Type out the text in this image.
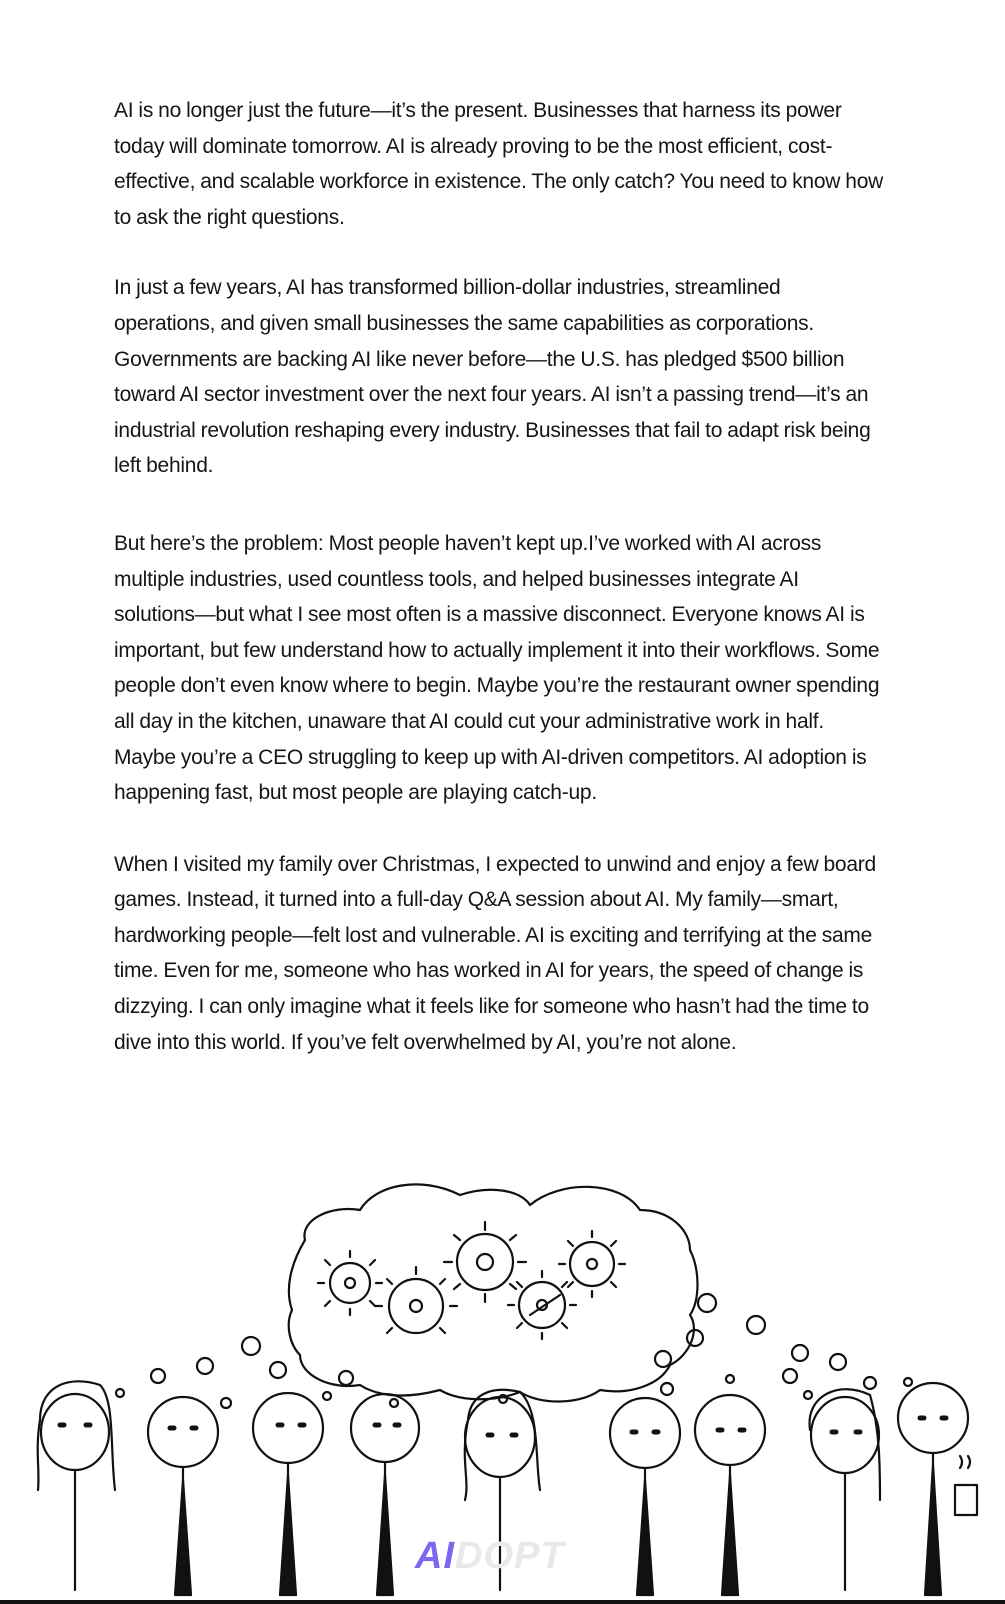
AI is no longer just the future—it’s the present. Businesses that harness its power today will dominate tomorrow. AI is already proving to be the most efficient, cost-effective, and scalable workforce in existence. The only catch? You need to know how to ask the right questions.

In just a few years, AI has transformed billion-dollar industries, streamlined operations, and given small businesses the same capabilities as corporations. Governments are backing AI like never before—the U.S. has pledged $500 billion toward AI sector investment over the next four years. AI isn’t a passing trend—it’s an industrial revolution reshaping every industry. Businesses that fail to adapt risk being left behind.

But here’s the problem: Most people haven’t kept up.I’ve worked with AI across multiple industries, used countless tools, and helped businesses integrate AI solutions—but what I see most often is a massive disconnect. Everyone knows AI is important, but few understand how to actually implement it into their workflows. Some people don’t even know where to begin. Maybe you’re the restaurant owner spending all day in the kitchen, unaware that AI could cut your administrative work in half. Maybe you’re a CEO struggling to keep up with AI-driven competitors. AI adoption is happening fast, but most people are playing catch-up.

When I visited my family over Christmas, I expected to unwind and enjoy a few board games. Instead, it turned into a full-day Q&A session about AI. My family—smart, hardworking people—felt lost and vulnerable. AI is exciting and terrifying at the same time. Even for me, someone who has worked in AI for years, the speed of change is dizzying. I can only imagine what it feels like for someone who hasn’t had the time to dive into this world. If you’ve felt overwhelmed by AI, you’re not alone.

AIDOPT
